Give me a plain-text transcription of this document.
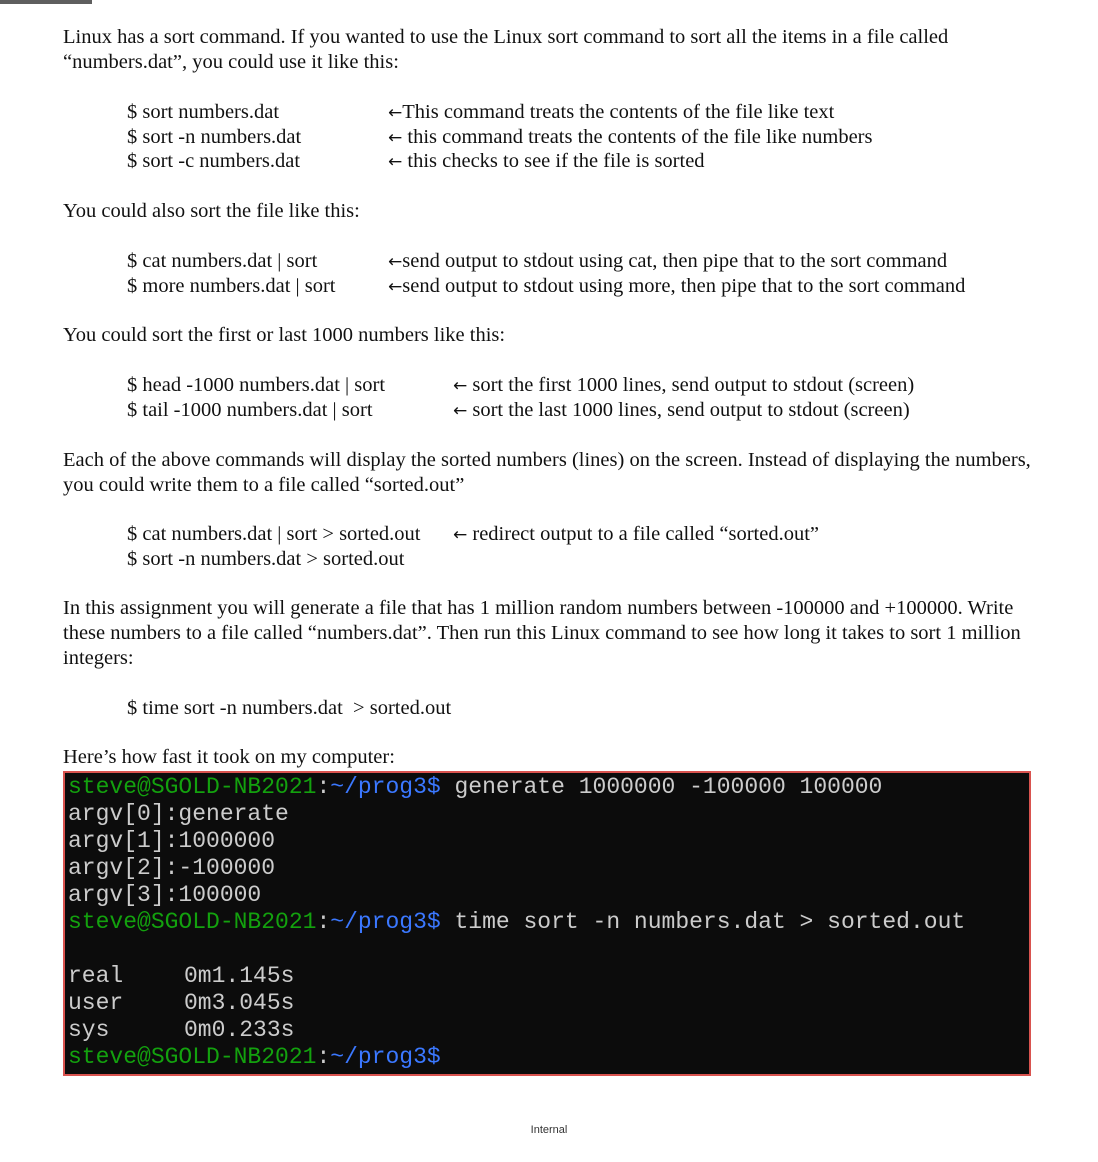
Linux has a sort command. If you wanted to use the Linux sort command to sort all the items in a file called “numbers.dat”, you could use it like this:

$ sort numbers.dat	←This command treats the contents of the file like text
$ sort -n numbers.dat	← this command treats the contents of the file like numbers
$ sort -c numbers.dat	← this checks to see if the file is sorted

You could also sort the file like this:

$ cat numbers.dat | sort	←send output to stdout using cat, then pipe that to the sort command
$ more numbers.dat | sort	←send output to stdout using more, then pipe that to the sort command

You could sort the first or last 1000 numbers like this:

$ head -1000 numbers.dat | sort	← sort the first 1000 lines, send output to stdout (screen)
$ tail -1000 numbers.dat | sort	← sort the last 1000 lines, send output to stdout (screen)

Each of the above commands will display the sorted numbers (lines) on the screen. Instead of displaying the numbers, you could write them to a file called “sorted.out”

$ cat numbers.dat | sort > sorted.out ← redirect output to a file called “sorted.out”
$ sort -n numbers.dat > sorted.out

In this assignment you will generate a file that has 1 million random numbers between -100000 and +100000. Write these numbers to a file called “numbers.dat”. Then run this Linux command to see how long it takes to sort 1 million integers:

$ time sort -n numbers.dat  > sorted.out

Here’s how fast it took on my computer:

steve@SGOLD-NB2021:~/prog3$ generate 1000000 -100000 100000
argv[0]:generate
argv[1]:1000000
argv[2]:-100000
argv[3]:100000
steve@SGOLD-NB2021:~/prog3$ time sort -n numbers.dat > sorted.out
real	0m1.145s
user	0m3.045s
sys	0m0.233s
steve@SGOLD-NB2021:~/prog3$
Internal
